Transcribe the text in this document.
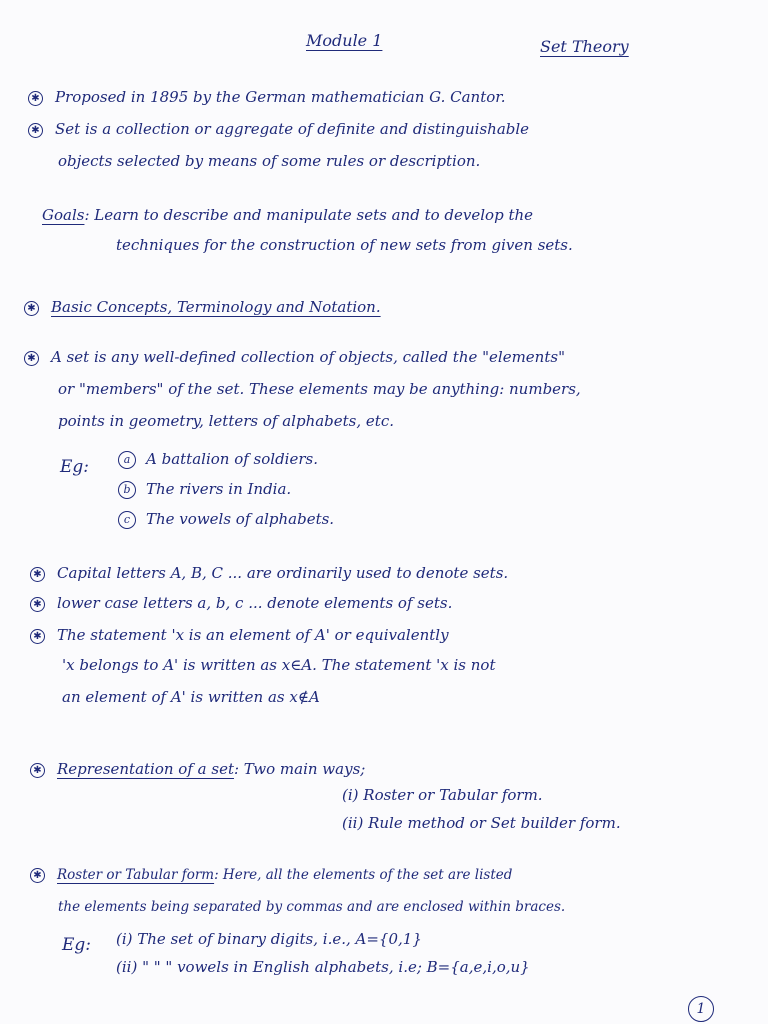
Module 1	Set Theory
✱ Proposed in 1895 by the German mathematician G. Cantor.
✱ Set is a collection or aggregate of definite and distinguishable
objects selected by means of some rules or description.
Goals: Learn to describe and manipulate sets and to develop the
techniques for the construction of new sets from given sets.
✱ Basic Concepts, Terminology and Notation.
✱ A set is any well-defined collection of objects, called the "elements"
or "members" of the set. These elements may be anything: numbers,
points in geometry, letters of alphabets, etc.
Eg:	a A battalion of soldiers.
b The rivers in India.
c The vowels of alphabets.
✱ Capital letters A, B, C ... are ordinarily used to denote sets.
✱ lower case letters a, b, c ... denote elements of sets.
✱ The statement 'x is an element of A' or equivalently
'x belongs to A' is written as x∈A. The statement 'x is not
an element of A' is written as x∉A
✱ Representation of a set: Two main ways;
(i) Roster or Tabular form.
(ii) Rule method or Set builder form.
✱ Roster or Tabular form: Here, all the elements of the set are listed
the elements being separated by commas and are enclosed within braces.
Eg: (i) The set of binary digits, i.e., A={0,1}
(ii) " " " vowels in English alphabets, i.e; B={a,e,i,o,u}
1
